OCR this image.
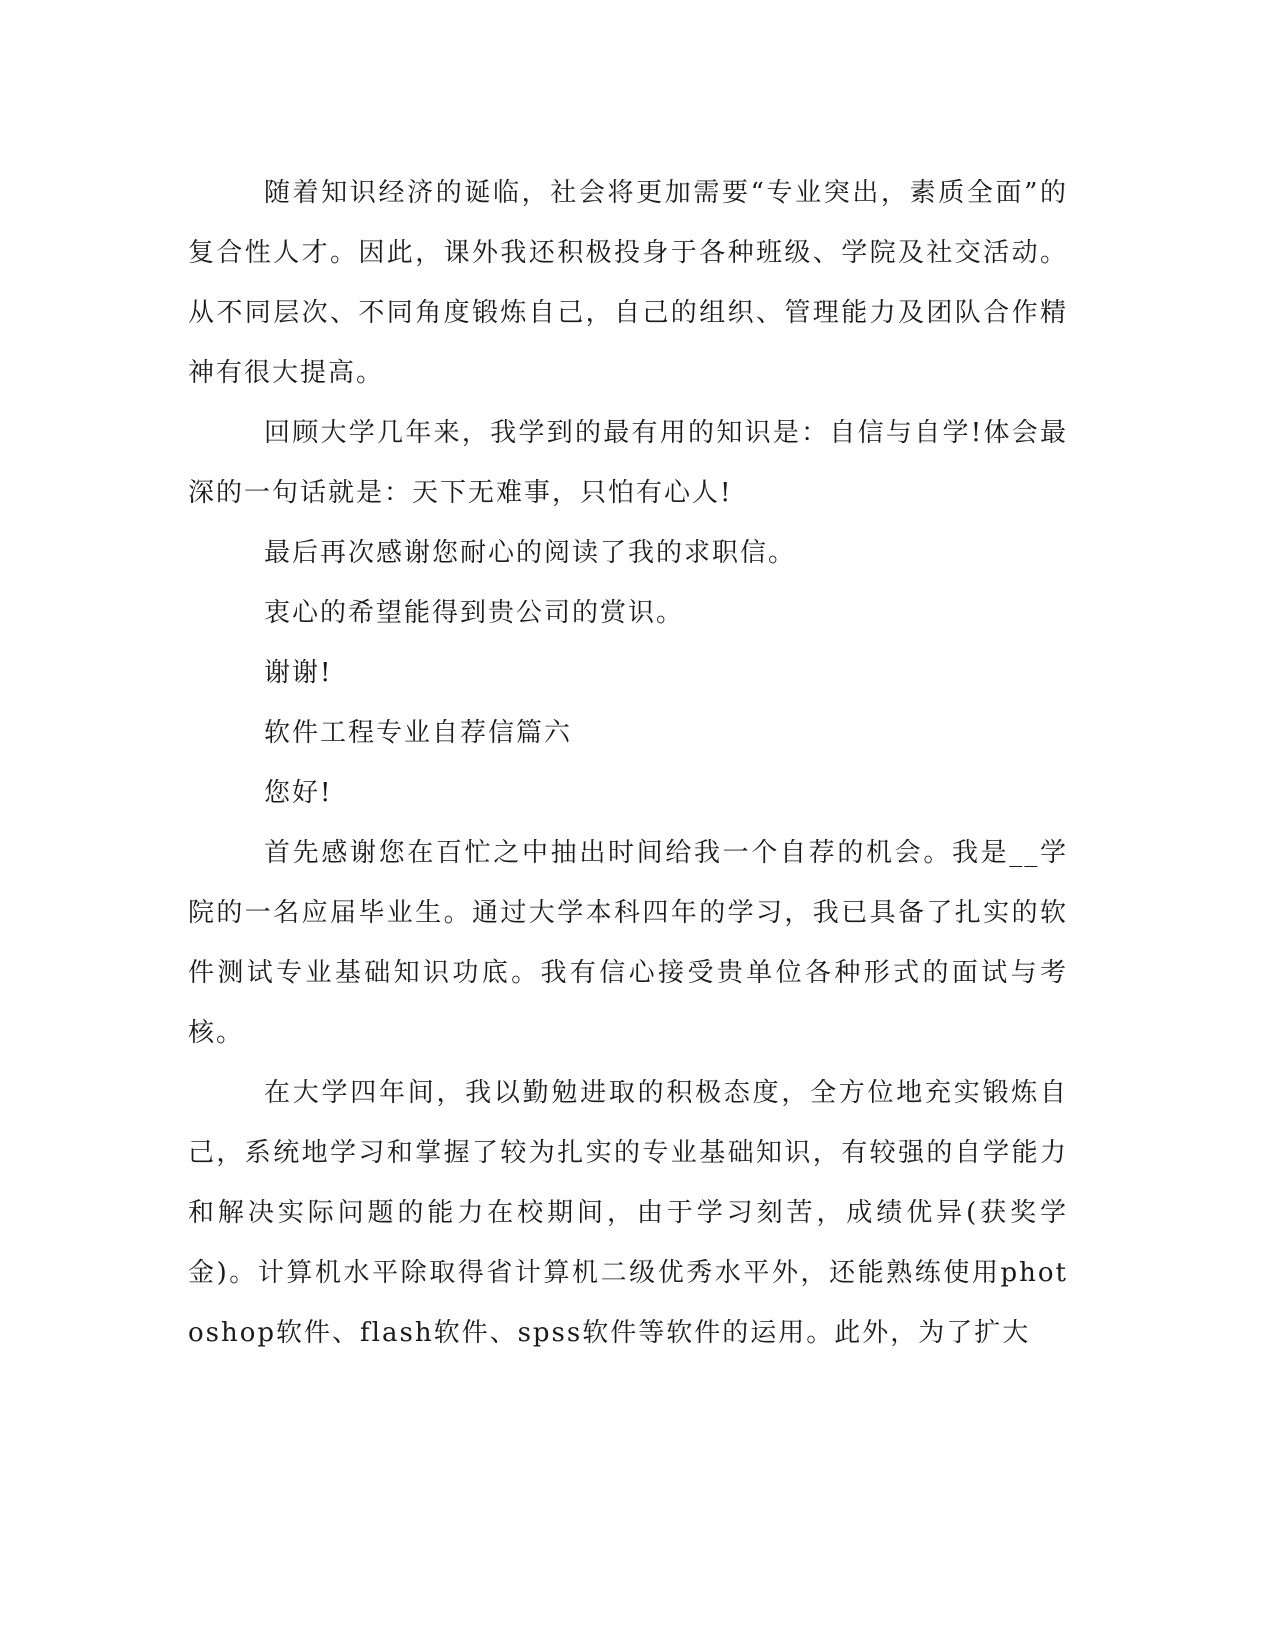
随着知识经济的诞临，社会将更加需要“专业突出，素质全面”的复合性人才。因此，课外我还积极投身于各种班级、学院及社交活动。从不同层次、不同角度锻炼自己，自己的组织、管理能力及团队合作精神有很大提高。

回顾大学几年来，我学到的最有用的知识是：自信与自学!体会最深的一句话就是：天下无难事，只怕有心人!

最后再次感谢您耐心的阅读了我的求职信。

衷心的希望能得到贵公司的赏识。

谢谢!

软件工程专业自荐信篇六

您好!

首先感谢您在百忙之中抽出时间给我一个自荐的机会。我是__学院的一名应届毕业生。通过大学本科四年的学习，我已具备了扎实的软件测试专业基础知识功底。我有信心接受贵单位各种形式的面试与考核。

在大学四年间，我以勤勉进取的积极态度，全方位地充实锻炼自己，系统地学习和掌握了较为扎实的专业基础知识，有较强的自学能力和解决实际问题的能力在校期间，由于学习刻苦，成绩优异(获奖学金)。计算机水平除取得省计算机二级优秀水平外，还能熟练使用photoshop软件、flash软件、spss软件等软件的运用。此外，为了扩大
